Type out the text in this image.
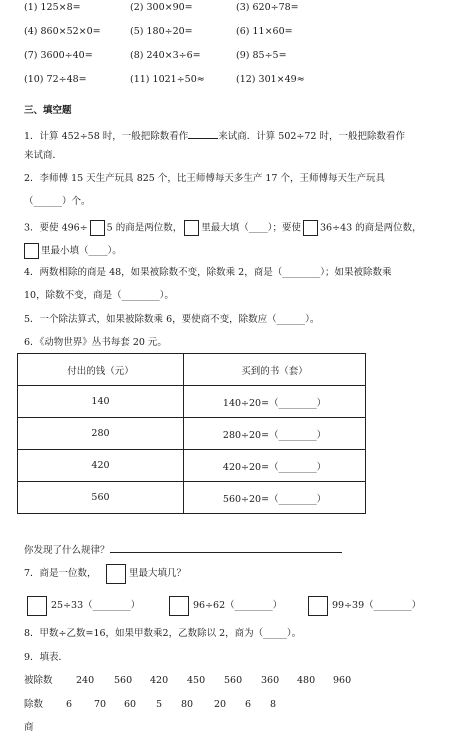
(1) 125×8=	(2) 300×90=	(3) 620÷78=
(4) 860×52×0=	(5) 180÷20=	(6) 11×60=
(7) 3600÷40=	(8) 240×3÷6=	(9) 85÷5=
(10) 72÷48=	(11) 1021÷50≈	(12) 301×49≈
三、填空题
1．计算 452÷58 时，一般把除数看作	来试商．计算 502÷72 时，一般把除数看作
来试商．
2．李师傅 15 天生产玩具 825 个，比王师傅每天多生产 17 个，王师傅每天生产玩具
（______）个。
3．要使 496÷ 5 的商是两位数， 里最大填（____）；要使 36÷43 的商是两位数，
里最小填（____）。
4．两数相除的商是 48，如果被除数不变，除数乘 2，商是（________）；如果被除数乘
10，除数不变，商是（________）。
5．一个除法算式，如果被除数乘 6，要使商不变，除数应（______）。
6．《动物世界》丛书每套 20 元。
付出的钱（元）	买到的书（套）
140	140÷20=（________）
280	280÷20=（________）
420	420÷20=（________）
560	560÷20=（________）
你发现了什么规律？
7．商是一位数，	里最大填几？
25÷33（________）	96÷62（________）	99÷39（________）
8．甲数÷乙数=16，如果甲数乘2，乙数除以 2，商为（_____）。
9．填表．
被除数 240 560 420 450 560 360 480 960
除数 6 70 60 5 80 20 6 8
商
